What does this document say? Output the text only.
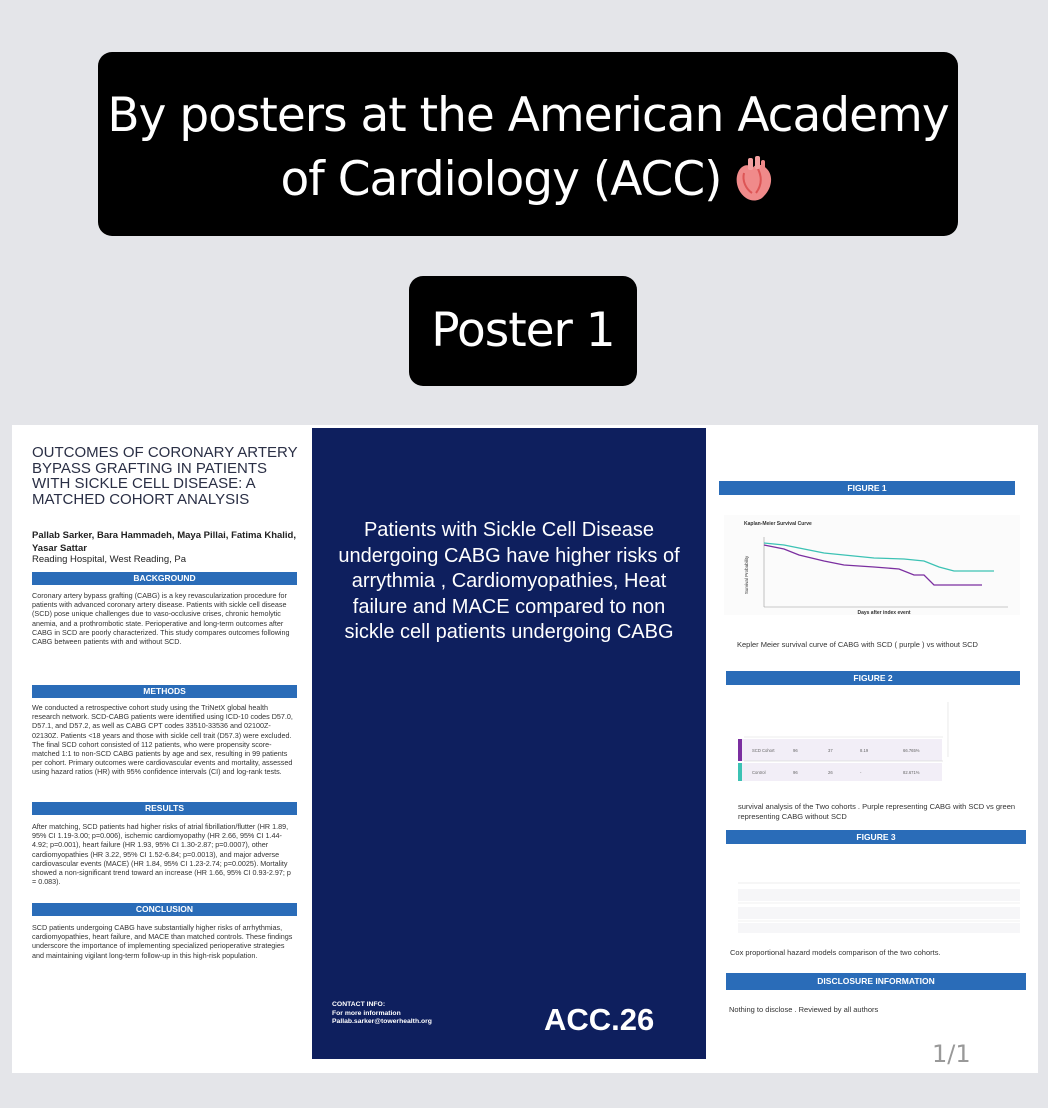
By posters at the American Academy
of Cardiology (ACC)
Poster 1
OUTCOMES OF CORONARY ARTERY BYPASS GRAFTING IN PATIENTS WITH SICKLE CELL DISEASE: A MATCHED COHORT ANALYSIS
Pallab Sarker, Bara Hammadeh, Maya Pillai, Fatima Khalid, Yasar Sattar
Reading Hospital, West Reading, Pa
BACKGROUND
Coronary artery bypass grafting (CABG) is a key revascularization procedure for patients with advanced coronary artery disease. Patients with sickle cell disease (SCD) pose unique challenges due to vaso-occlusive crises, chronic hemolytic anemia, and a prothrombotic state. Perioperative and long-term outcomes after CABG in SCD are poorly characterized. This study compares outcomes following CABG between patients with and without SCD.
METHODS
We conducted a retrospective cohort study using the TriNetX global health research network. SCD-CABG patients were identified using ICD-10 codes D57.0, D57.1, and D57.2, as well as CABG CPT codes 33510-33536 and 02100Z-02130Z. Patients <18 years and those with sickle cell trait (D57.3) were excluded. The final SCD cohort consisted of 112 patients, who were propensity score-matched 1:1 to non-SCD CABG patients by age and sex, resulting in 99 patients per cohort. Primary outcomes were cardiovascular events and mortality, assessed using hazard ratios (HR) with 95% confidence intervals (CI) and log-rank tests.
RESULTS
After matching, SCD patients had higher risks of atrial fibrillation/flutter (HR 1.89, 95% CI 1.19-3.00; p=0.006), ischemic cardiomyopathy (HR 2.66, 95% CI 1.44-4.92; p=0.001), heart failure (HR 1.93, 95% CI 1.30-2.87; p=0.0007), other cardiomyopathies (HR 3.22, 95% CI 1.52-6.84; p=0.0013), and major adverse cardiovascular events (MACE) (HR 1.84, 95% CI 1.23-2.74; p=0.0025). Mortality showed a non-significant trend toward an increase (HR 1.66, 95% CI 0.93-2.97; p = 0.083).
CONCLUSION
SCD patients undergoing CABG have substantially higher risks of arrhythmias, cardiomyopathies, heart failure, and MACE than matched controls. These findings underscore the importance of implementing specialized perioperative strategies and maintaining vigilant long-term follow-up in this high-risk population.
Patients with Sickle Cell Disease undergoing CABG have higher risks of arrythmia , Cardiomyopathies, Heat failure and MACE compared to non sickle cell patients undergoing CABG
CONTACT INFO:
For more information
Pallab.sarker@towerhealth.org	ACC.26
FIGURE 1
Kaplan-Meier Survival Curve
Survival Probability
Days after index event
Kepler Meier survival curve of CABG with SCD ( purple ) vs without SCD
FIGURE 2
SCD Cohort	96	37	8.19	66.765%
Control	96	26	-	82.671%
survival analysis of the Two cohorts . Purple representing CABG with SCD vs green representing CABG without SCD
FIGURE 3
Cox proportional hazard models comparison of the two cohorts.
DISCLOSURE INFORMATION
Nothing to disclose . Reviewed by all authors
1/1
